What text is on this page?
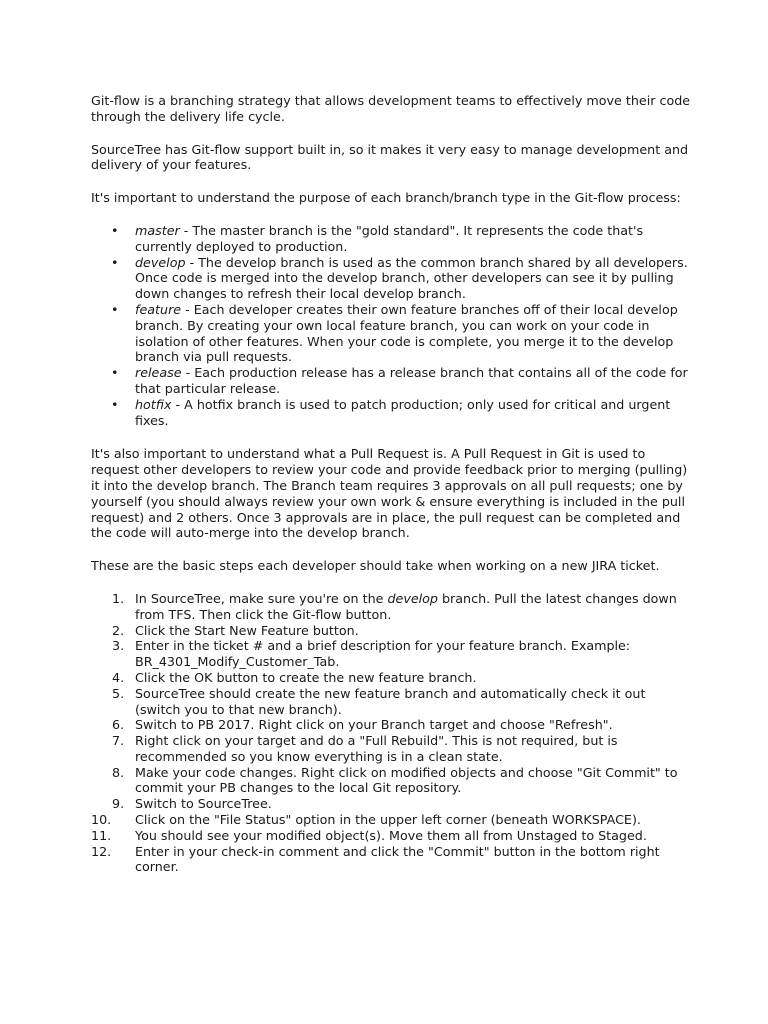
Git-flow is a branching strategy that allows development teams to effectively move their code through the delivery life cycle.

SourceTree has Git-flow support built in, so it makes it very easy to manage development and delivery of your features.

It's important to understand the purpose of each branch/branch type in the Git-flow process:

• master - The master branch is the "gold standard". It represents the code that's currently deployed to production.
• develop - The develop branch is used as the common branch shared by all developers. Once code is merged into the develop branch, other developers can see it by pulling down changes to refresh their local develop branch.
• feature - Each developer creates their own feature branches off of their local develop branch. By creating your own local feature branch, you can work on your code in isolation of other features. When your code is complete, you merge it to the develop branch via pull requests.
• release - Each production release has a release branch that contains all of the code for that particular release.
• hotfix - A hotfix branch is used to patch production; only used for critical and urgent fixes.

It's also important to understand what a Pull Request is. A Pull Request in Git is used to request other developers to review your code and provide feedback prior to merging (pulling) it into the develop branch. The Branch team requires 3 approvals on all pull requests; one by yourself (you should always review your own work & ensure everything is included in the pull request) and 2 others. Once 3 approvals are in place, the pull request can be completed and the code will auto-merge into the develop branch.

These are the basic steps each developer should take when working on a new JIRA ticket.

1. In SourceTree, make sure you're on the develop branch. Pull the latest changes down from TFS. Then click the Git-flow button.
2. Click the Start New Feature button.
3. Enter in the ticket # and a brief description for your feature branch. Example: BR_4301_Modify_Customer_Tab.
4. Click the OK button to create the new feature branch.
5. SourceTree should create the new feature branch and automatically check it out (switch you to that new branch).
6. Switch to PB 2017. Right click on your Branch target and choose "Refresh".
7. Right click on your target and do a "Full Rebuild". This is not required, but is recommended so you know everything is in a clean state.
8. Make your code changes. Right click on modified objects and choose "Git Commit" to commit your PB changes to the local Git repository.
9. Switch to SourceTree.
10.	Click on the "File Status" option in the upper left corner (beneath WORKSPACE).
11.	You should see your modified object(s). Move them all from Unstaged to Staged.
12.	Enter in your check-in comment and click the "Commit" button in the bottom right corner.
